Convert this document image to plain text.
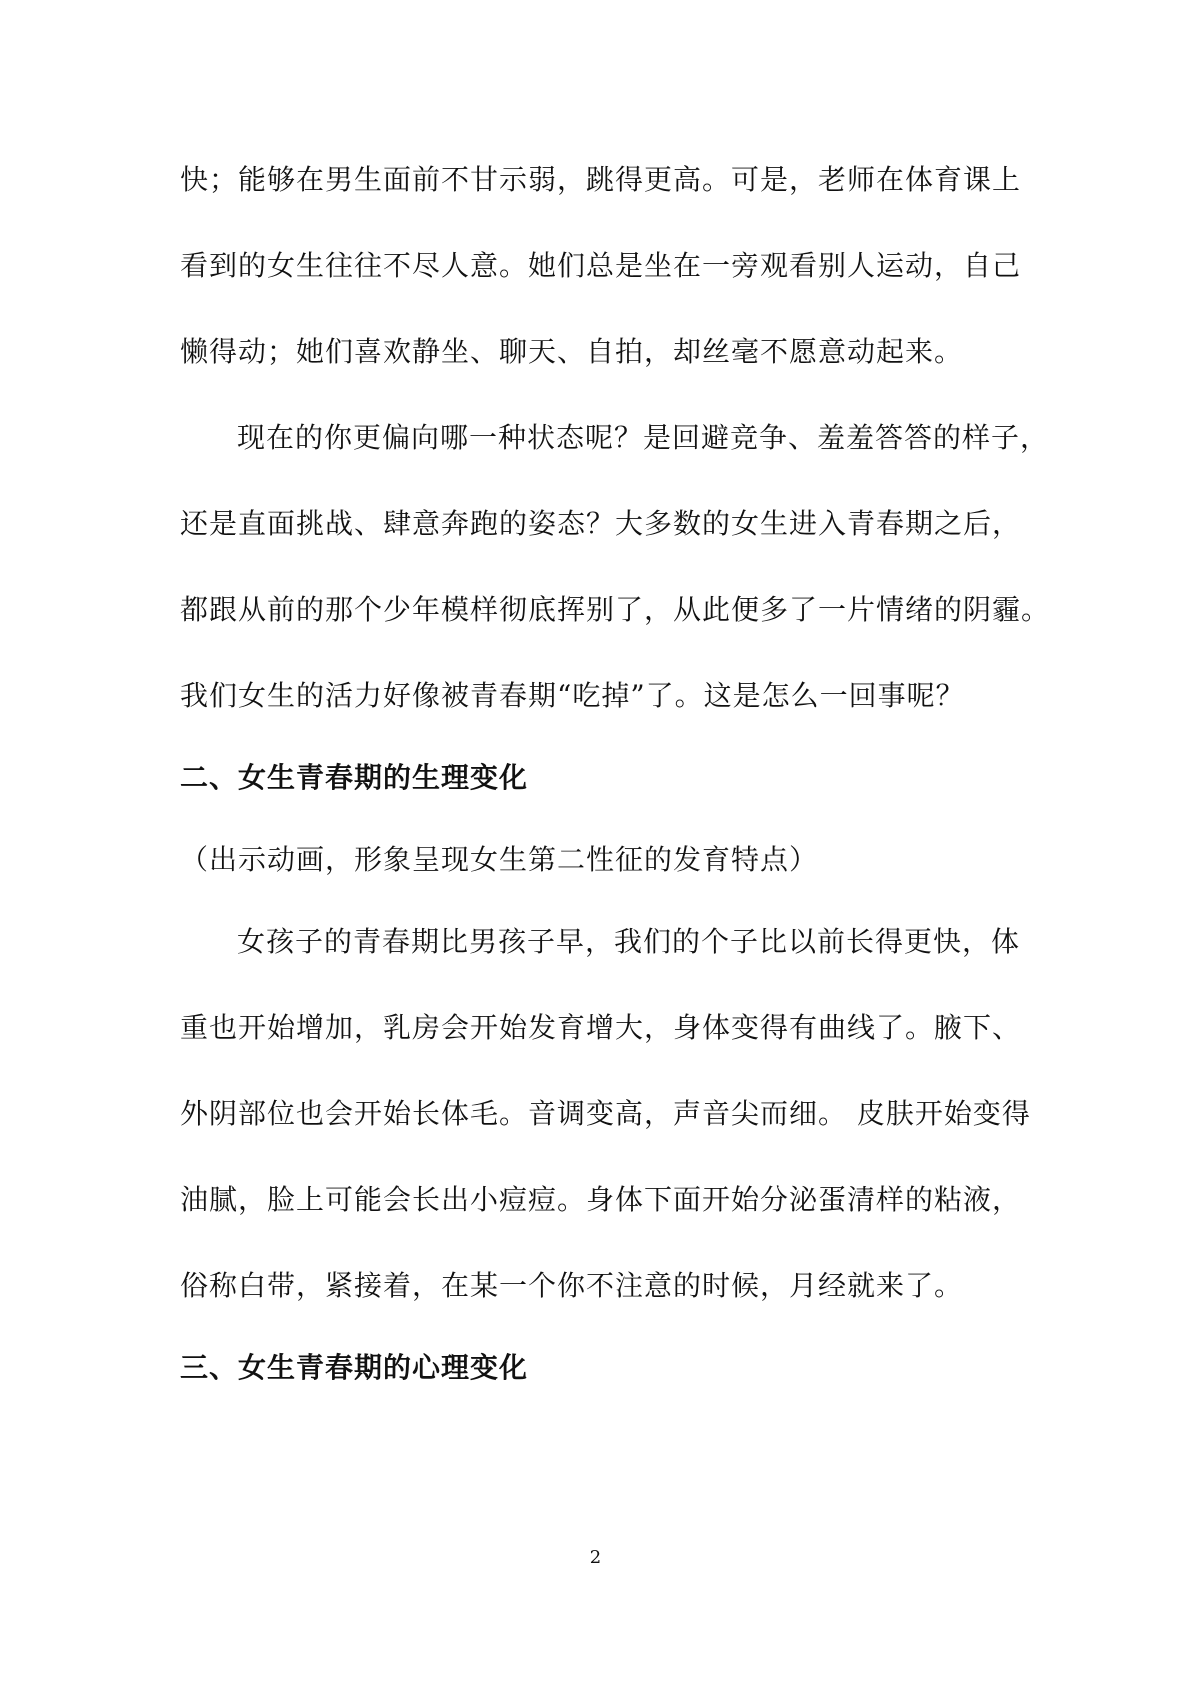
快；能够在男生面前不甘示弱，跳得更高。可是，老师在体育课上
看到的女生往往不尽人意。她们总是坐在一旁观看别人运动，自己
懒得动；她们喜欢静坐、聊天、自拍，却丝毫不愿意动起来。
现在的你更偏向哪一种状态呢？是回避竞争、羞羞答答的样子，
还是直面挑战、肆意奔跑的姿态？大多数的女生进入青春期之后，
都跟从前的那个少年模样彻底挥别了，从此便多了一片情绪的阴霾。
我们女生的活力好像被青春期“吃掉”了。这是怎么一回事呢？
二、女生青春期的生理变化
（出示动画，形象呈现女生第二性征的发育特点）
女孩子的青春期比男孩子早，我们的个子比以前长得更快，体
重也开始增加，乳房会开始发育增大，身体变得有曲线了。腋下、
外阴部位也会开始长体毛。音调变高，声音尖而细。 皮肤开始变得
油腻，脸上可能会长出小痘痘。身体下面开始分泌蛋清样的粘液，
俗称白带，紧接着，在某一个你不注意的时候，月经就来了。
三、女生青春期的心理变化
2
